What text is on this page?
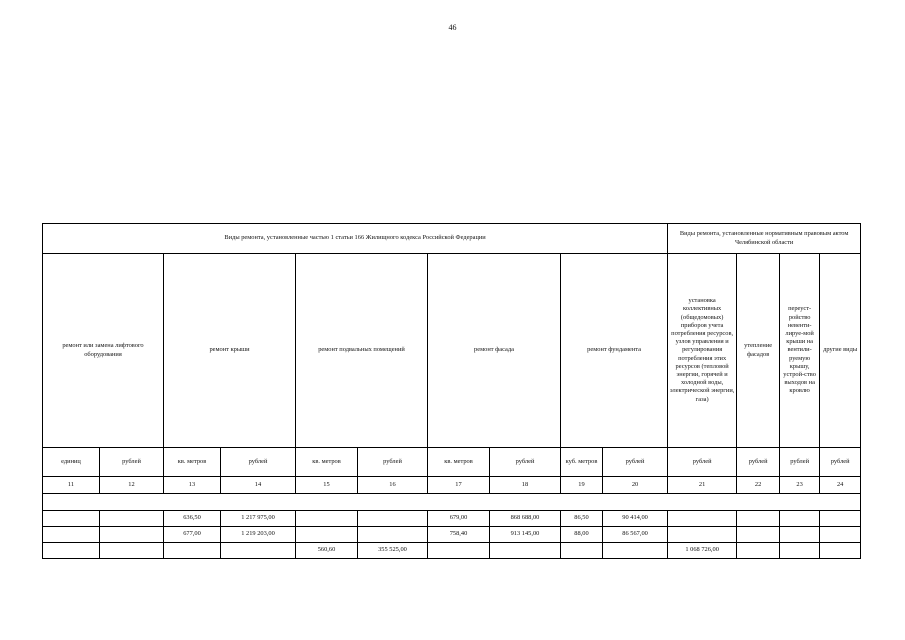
46
Виды ремонта, установленные частью 1 статьи 166 Жилищного кодекса Российской Федерации										Виды ремонта, установленные нормативным правовым актом Челябинской области			
ремонт или замена лифтового оборудования		ремонт крыши		ремонт подвальных помещений		ремонт фасада		ремонт фундамента		установка коллективных (общедомовых) приборов учета потребления ресурсов, узлов управления и регулирования потребления этих ресурсов (тепловой энергии, горячей и холодной воды, электрической энергии, газа)	утепление фасадов	переуст-ройство невенти-лируе-мой крыши на вентили-руемую крышу, устрой-ство выходов на кровлю	другие виды
единиц	рублей	кв. метров	рублей	кв. метров	рублей	кв. метров	рублей	куб. метров	рублей	рублей	рублей	рублей	рублей
11	12	13	14	15	16	17	18	19	20	21	22	23	24

		636,50	1 217 975,00			679,00	868 688,00	86,50	90 414,00				
		677,00	1 219 203,00			758,40	913 145,00	88,00	86 567,00				
				560,60	355 525,00					1 068 726,00			
